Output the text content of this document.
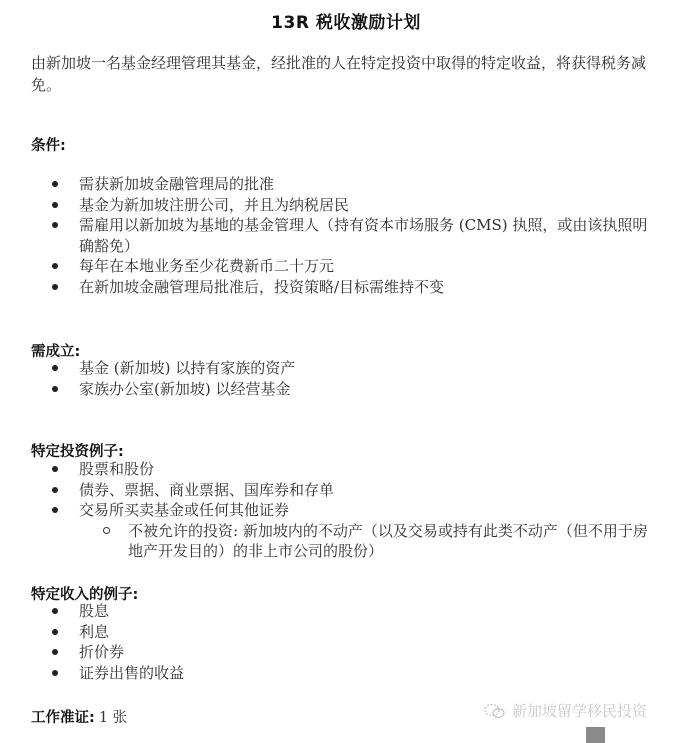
13R 税收激励计划
由新加坡一名基金经理管理其基金，经批准的人在特定投资中取得的特定收益，将获得税务减免。
条件:
需获新加坡金融管理局的批准
基金为新加坡注册公司，并且为纳税居民
需雇用以新加坡为基地的基金管理人（持有资本市场服务 (CMS) 执照，或由该执照明确豁免）
每年在本地业务至少花费新币二十万元
在新加坡金融管理局批准后，投资策略/目标需维持不变
需成立:
基金 (新加坡) 以持有家族的资产
家族办公室(新加坡) 以经营基金
特定投资例子:
股票和股份
债券、票据、商业票据、国库券和存单
交易所买卖基金或任何其他证券
不被允许的投资: 新加坡内的不动产（以及交易或持有此类不动产（但不用于房地产开发目的）的非上市公司的股份）
特定收入的例子:
股息
利息
折价券
证券出售的收益
工作准证: 1 张	新加坡留学移民投资
